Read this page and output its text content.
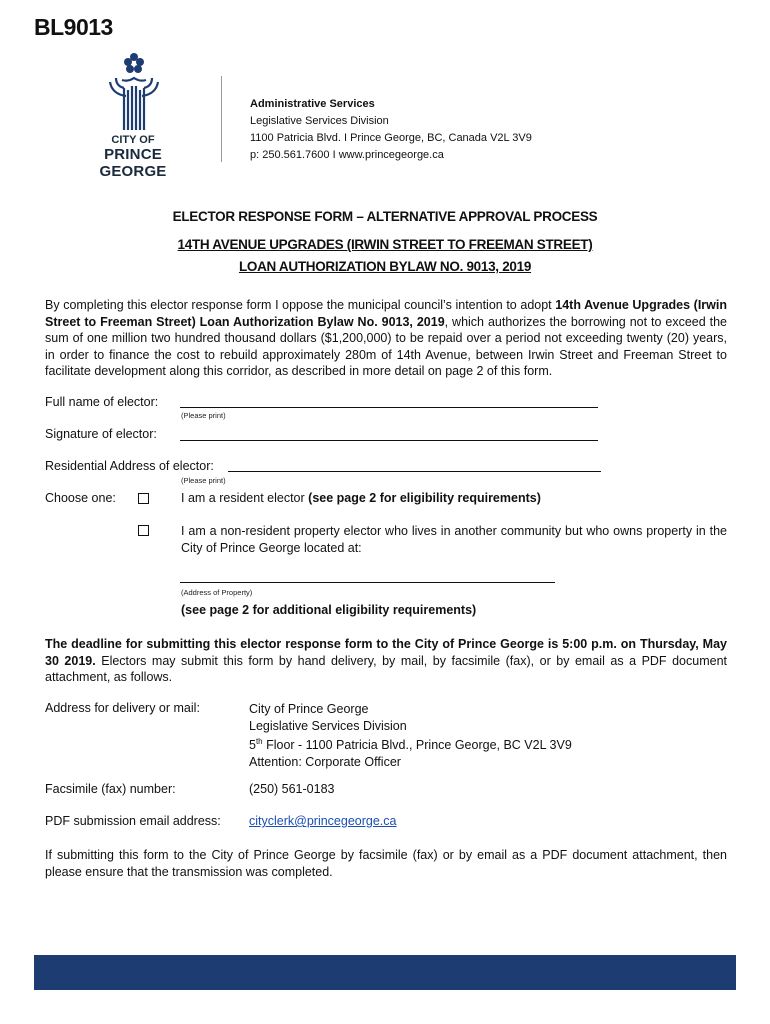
BL9013
CITY OF
PRINCE GEORGE
Administrative Services
Legislative Services Division
1100 Patricia Blvd. I Prince George, BC, Canada V2L 3V9
p: 250.561.7600 I www.princegeorge.ca
ELECTOR RESPONSE FORM – ALTERNATIVE APPROVAL PROCESS
14TH AVENUE UPGRADES (IRWIN STREET TO FREEMAN STREET)
LOAN AUTHORIZATION BYLAW NO. 9013, 2019
By completing this elector response form I oppose the municipal council’s intention to adopt 14th Avenue Upgrades (Irwin Street to Freeman Street) Loan Authorization Bylaw No. 9013, 2019, which authorizes the borrowing not to exceed the sum of one million two hundred thousand dollars ($1,200,000) to be repaid over a period not exceeding twenty (20) years, in order to finance the cost to rebuild approximately 280m of 14th Avenue, between Irwin Street and Freeman Street to facilitate development along this corridor, as described in more detail on page 2 of this form.
Full name of elector:
(Please print)
Signature of elector:
Residential Address of elector:
(Please print)
Choose one:	I am a resident elector (see page 2 for eligibility requirements)
I am a non-resident property elector who lives in another community but who owns property in the City of Prince George located at:
(Address of Property)
(see page 2 for additional eligibility requirements)
The deadline for submitting this elector response form to the City of Prince George is 5:00 p.m. on Thursday, May 30 2019. Electors may submit this form by hand delivery, by mail, by facsimile (fax), or by email as a PDF document attachment, as follows.
Address for delivery or mail:	City of Prince George
Legislative Services Division
5th Floor - 1100 Patricia Blvd., Prince George, BC V2L 3V9
Attention: Corporate Officer
Facsimile (fax) number:	(250) 561-0183
PDF submission email address: cityclerk@princegeorge.ca
If submitting this form to the City of Prince George by facsimile (fax) or by email as a PDF document attachment, then please ensure that the transmission was completed.
